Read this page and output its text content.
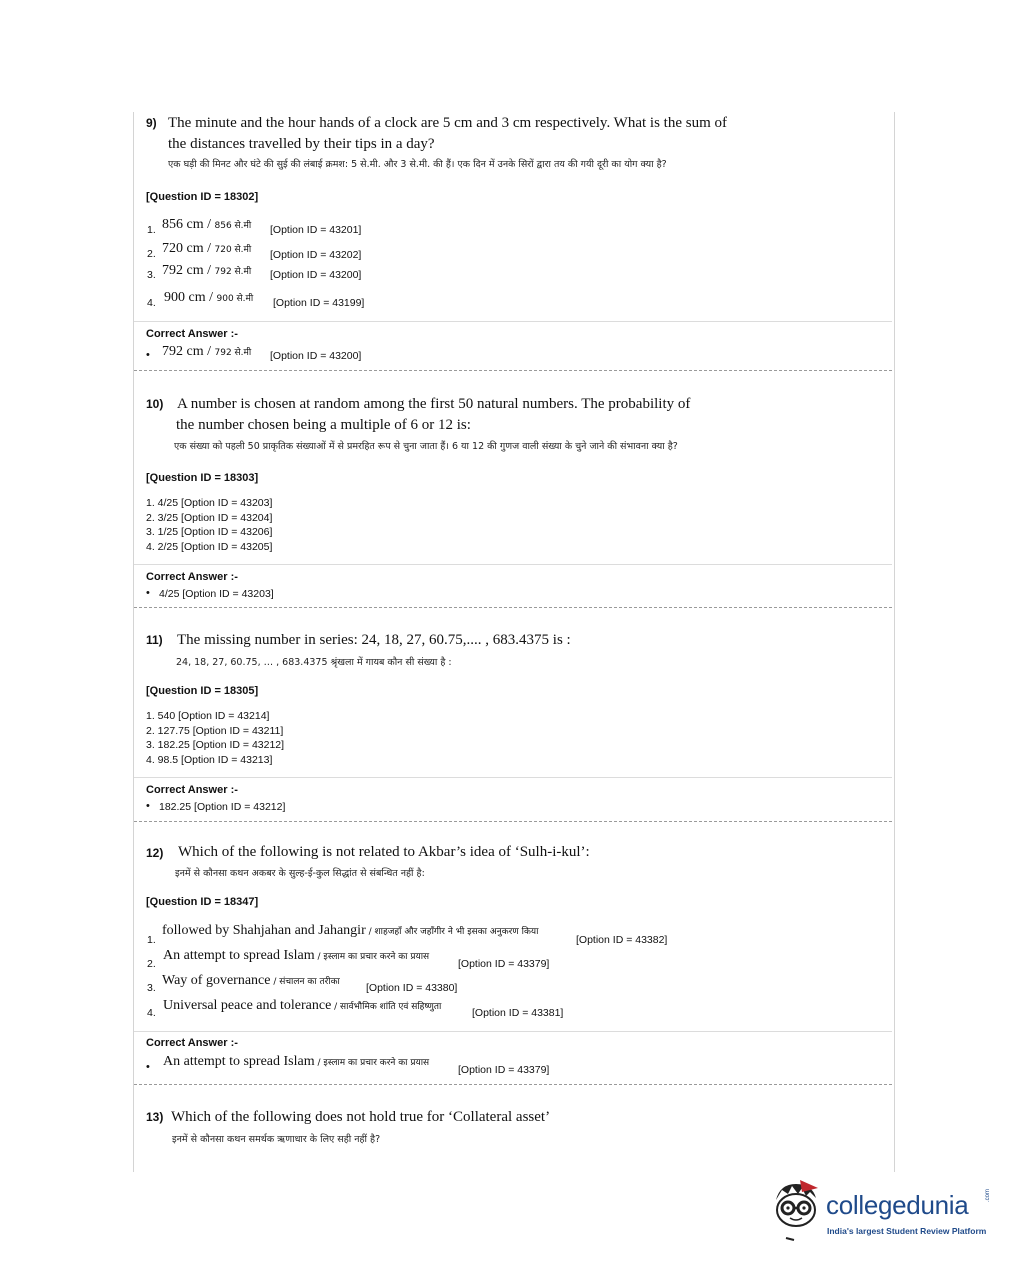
9) The minute and the hour hands of a clock are 5 cm and 3 cm respectively. What is the sum of
the distances travelled by their tips in a day?
एक घड़ी की मिनट और घंटे की सुई की लंबाई क्रमश: 5 से.मी. और 3 से.मी. की हैं। एक दिन में उनके सिरों द्वारा तय की गयी दूरी का योग क्या है?
[Question ID = 18302]
1. 856 cm / 856 से.मी [Option ID = 43201]
2. 720 cm / 720 से.मी [Option ID = 43202]
3. 792 cm / 792 से.मी [Option ID = 43200]
4. 900 cm / 900 से.मी [Option ID = 43199]
Correct Answer :-
• 792 cm / 792 से.मी [Option ID = 43200]
10) A number is chosen at random among the first 50 natural numbers. The probability of
the number chosen being a multiple of 6 or 12 is:
एक संख्या को पहली 50 प्राकृतिक संख्याओं में से प्रमरहित रूप से चुना जाता हैं। 6 या 12 की गुणज वाली संख्या के चुने जाने की संभावना क्या है?
[Question ID = 18303]
1. 4/25 [Option ID = 43203]
2. 3/25 [Option ID = 43204]
3. 1/25 [Option ID = 43206]
4. 2/25 [Option ID = 43205]
Correct Answer :-
• 4/25 [Option ID = 43203]
11) The missing number in series: 24, 18, 27, 60.75,.... , 683.4375 is :
24, 18, 27, 60.75, … , 683.4375 श्रृंखला में गायब कौन सी संख्या है :
[Question ID = 18305]
1. 540 [Option ID = 43214]
2. 127.75 [Option ID = 43211]
3. 182.25 [Option ID = 43212]
4. 98.5 [Option ID = 43213]
Correct Answer :-
• 182.25 [Option ID = 43212]
12) Which of the following is not related to Akbar’s idea of ‘Sulh-i-kul’:
इनमें से कौनसा कथन अकबर के सुल्ह-ई-कुल सिद्धांत से संबन्धित नहीं है:
[Question ID = 18347]
1.
followed by Shahjahan and Jahangir / शाहजहाँ और जहाँगीर ने भी इसका अनुकरण किया
[Option ID = 43382]
2.
An attempt to spread Islam / इस्लाम का प्रचार करने का प्रयास
[Option ID = 43379]
3. Way of governance / संचालन का तरीका [Option ID = 43380]
4. Universal peace and tolerance / सार्वभौमिक शांति एवं सहिष्णुता	[Option ID = 43381]
Correct Answer :-
• An attempt to spread Islam / इस्लाम का प्रचार करने का प्रयास
[Option ID = 43379]
13) Which of the following does not hold true for ‘Collateral asset’
इनमें से कौनसा कथन समर्थक ऋणाधार के लिए सही नहीं है?
collegedunia	.com
India's largest Student Review Platform
